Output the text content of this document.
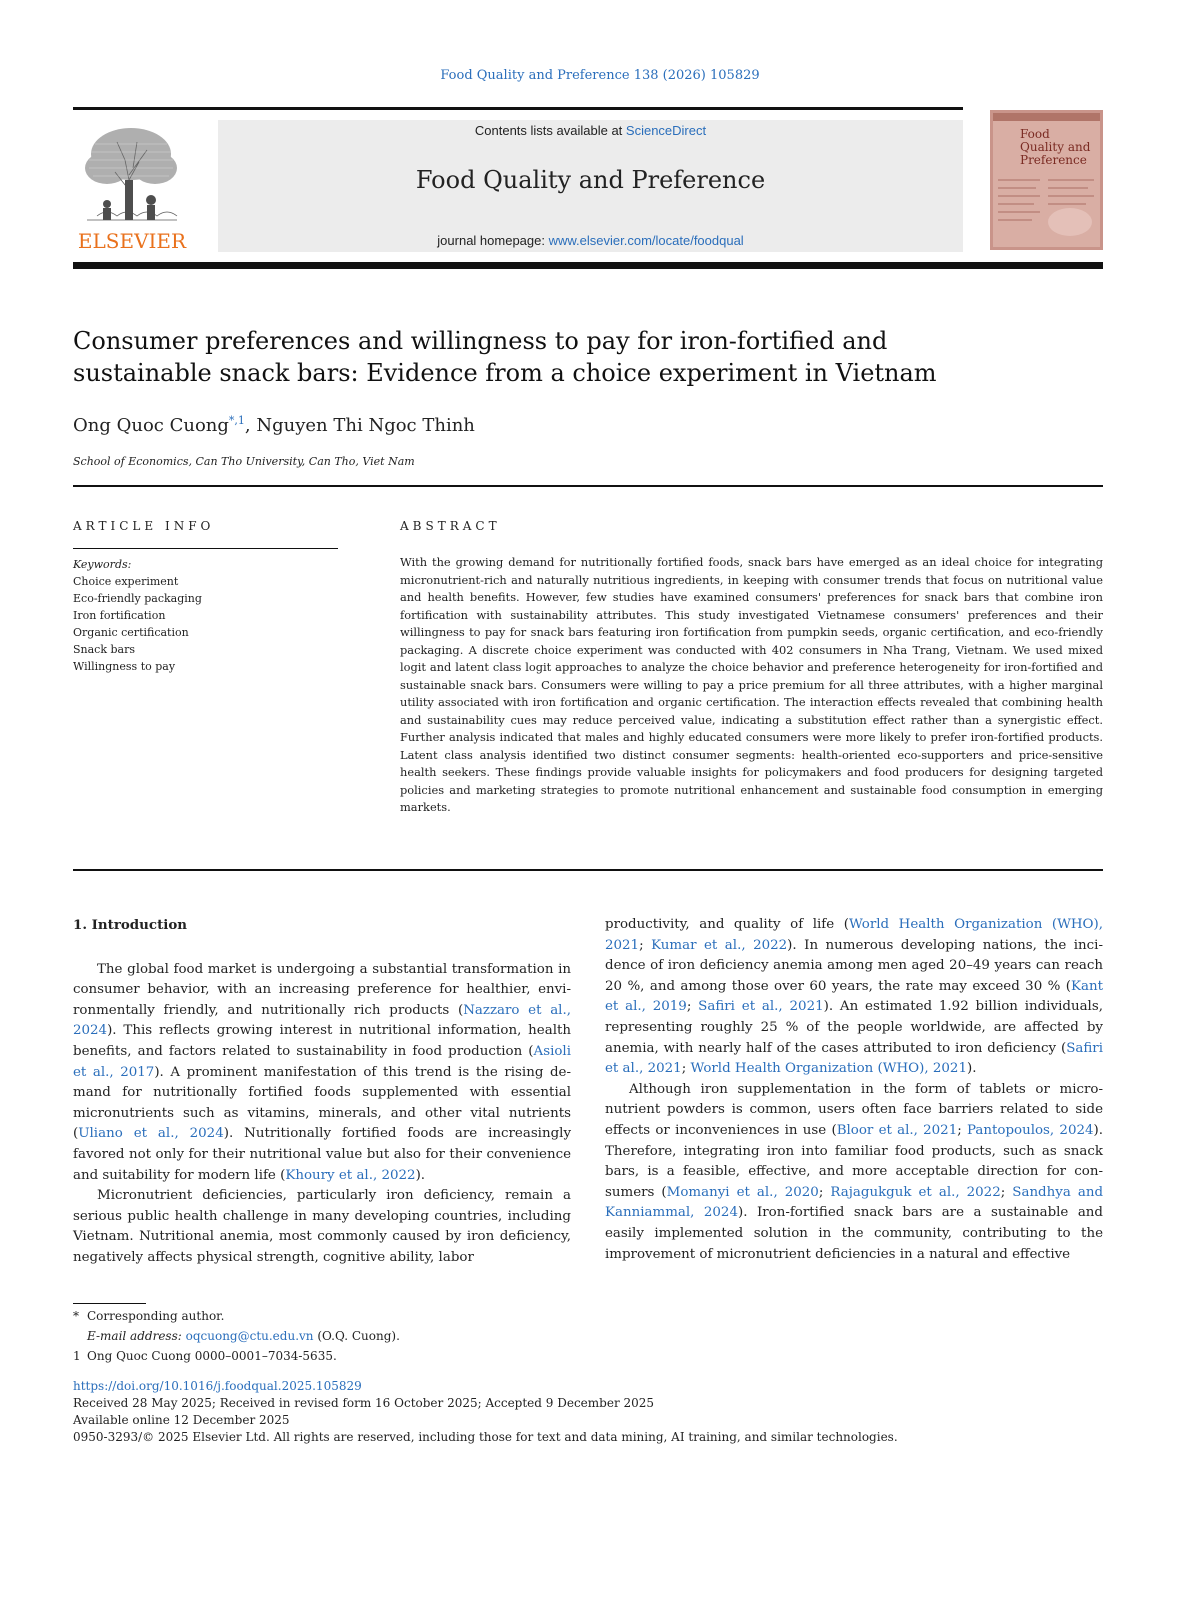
Food Quality and Preference 138 (2026) 105829
ELSEVIER
Contents lists available at ScienceDirect
Food Quality and Preference
journal homepage: www.elsevier.com/locate/foodqual
Food
Quality and
Preference
Consumer preferences and willingness to pay for iron-fortified and
sustainable snack bars: Evidence from a choice experiment in Vietnam
Ong Quoc Cuong$^{*,1}$, Nguyen Thi Ngoc Thinh
School of Economics, Can Tho University, Can Tho, Viet Nam
ARTICLE INFO	ABSTRACT
Keywords:
Choice experiment
Eco-friendly packaging
Iron fortification
Organic certification
Snack bars
Willingness to pay
With the growing demand for nutritionally fortified foods, snack bars have emerged as an ideal choice for integrating micronutrient-rich and naturally nutritious ingredients, in keeping with consumer trends that focus on nutritional value and health benefits. However, few studies have examined consumers' preferences for snack bars that combine iron fortification with sustainability attributes. This study investigated Vietnamese consumers' preferences and their willingness to pay for snack bars featuring iron fortification from pumpkin seeds, organic certification, and eco-friendly packaging. A discrete choice experiment was conducted with 402 consumers in Nha Trang, Vietnam. We used mixed logit and latent class logit approaches to analyze the choice behavior and preference heterogeneity for iron-fortified and sustainable snack bars. Consumers were willing to pay a price premium for all three attributes, with a higher marginal utility associated with iron fortification and organic certification. The interaction effects revealed that combining health and sustainability cues may reduce perceived value, indicating a substitution effect rather than a synergistic effect. Further analysis indicated that males and highly educated consumers were more likely to prefer iron-fortified products. Latent class analysis identified two distinct consumer segments: health-oriented eco-supporters and price-sensitive health seekers. These findings provide valuable insights for policymakers and food producers for designing targeted policies and marketing strategies to promote nutritional enhancement and sustainable food consumption in emerging markets.
1. Introduction

The global food market is undergoing a substantial transformation in consumer behavior, with an increasing preference for healthier, envi-ronmentally friendly, and nutritionally rich products (Nazzaro et al., 2024). This reflects growing interest in nutritional information, health benefits, and factors related to sustainability in food production (Asioli et al., 2017). A prominent manifestation of this trend is the rising de-mand for nutritionally fortified foods supplemented with essential micronutrients such as vitamins, minerals, and other vital nutrients (Uliano et al., 2024). Nutritionally fortified foods are increasingly favored not only for their nutritional value but also for their convenience and suitability for modern life (Khoury et al., 2022).

Micronutrient deficiencies, particularly iron deficiency, remain a serious public health challenge in many developing countries, including Vietnam. Nutritional anemia, most commonly caused by iron deficiency, negatively affects physical strength, cognitive ability, labor

productivity, and quality of life (World Health Organization (WHO), 2021; Kumar et al., 2022). In numerous developing nations, the inci-dence of iron deficiency anemia among men aged 20–49 years can reach 20 %, and among those over 60 years, the rate may exceed 30 % (Kant et al., 2019; Safiri et al., 2021). An estimated 1.92 billion individuals, representing roughly 25 % of the people worldwide, are affected by anemia, with nearly half of the cases attributed to iron deficiency (Safiri et al., 2021; World Health Organization (WHO), 2021).

Although iron supplementation in the form of tablets or micro-nutrient powders is common, users often face barriers related to side effects or inconveniences in use (Bloor et al., 2021; Pantopoulos, 2024). Therefore, integrating iron into familiar food products, such as snack bars, is a feasible, effective, and more acceptable direction for con-sumers (Momanyi et al., 2020; Rajagukguk et al., 2022; Sandhya and Kanniammal, 2024). Iron-fortified snack bars are a sustainable and easily implemented solution in the community, contributing to the improvement of micronutrient deficiencies in a natural and effective

* Corresponding author.
E-mail address: oqcuong@ctu.edu.vn (O.Q. Cuong).
1 Ong Quoc Cuong 0000–0001–7034-5635.
https://doi.org/10.1016/j.foodqual.2025.105829
Received 28 May 2025; Received in revised form 16 October 2025; Accepted 9 December 2025
Available online 12 December 2025
0950-3293/© 2025 Elsevier Ltd. All rights are reserved, including those for text and data mining, AI training, and similar technologies.
